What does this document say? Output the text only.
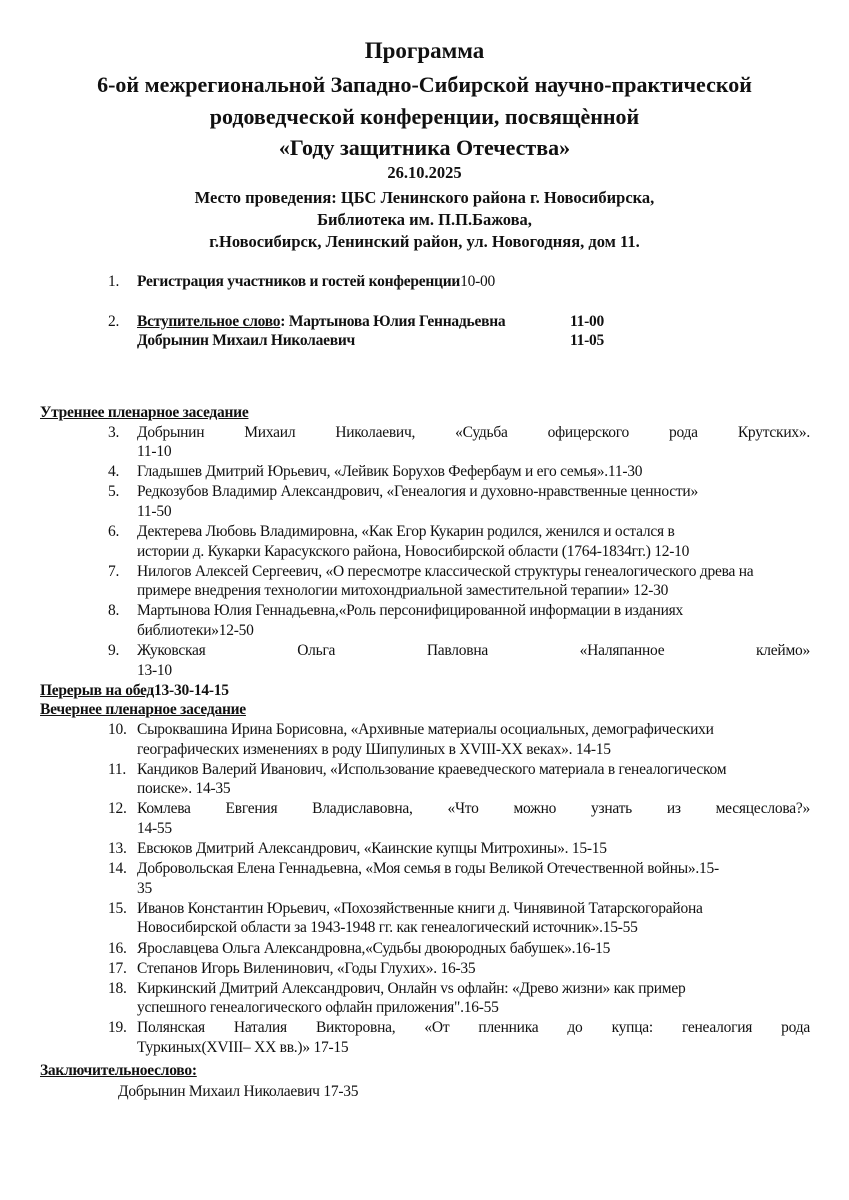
Программа
6-ой межрегиональной Западно-Сибирской научно-практической
родоведческой конференции, посвящѐнной
«Году защитника Отечества»
26.10.2025
Место проведения: ЦБС Ленинского района г. Новосибирска,
Библиотека им. П.П.Бажова,
г.Новосибирск, Ленинский район, ул. Новогодняя, дом 11.
1.	Регистрация участников и гостей конференции10-00
2.	Вступительное слово: Мартынова Юлия Геннадьевна	11-00
Добрынин Михаил Николаевич	11-05
Утреннее пленарное заседание
3.	Добрынин Михаил Николаевич, «Судьба офицерского рода Крутских».
11-10
4.	Гладышев Дмитрий Юрьевич, «Лейвик Борухов Фефербаум и его семья».11-30
5.	Редкозубов Владимир Александрович, «Генеалогия и духовно-нравственные ценности»
11-50
6.	Дектерева Любовь Владимировна, «Как Егор Кукарин родился, женился и остался в
истории д. Кукарки Карасукского района, Новосибирской области (1764-1834гг.) 12-10
7.	Нилогов Алексей Сергеевич, «О пересмотре классической структуры генеалогического древа на
примере внедрения технологии митохондриальной заместительной терапии» 12-30
8.	Мартынова Юлия Геннадьевна,«Роль персонифицированной информации в изданиях
библиотеки»12-50
9.	Жуковская Ольга Павловна «Наляпанное клеймо»
13-10
Перерыв на обед13-30-14-15
Вечернее пленарное заседание
10. Сыроквашина Ирина Борисовна, «Архивные материалы осоциальных, демографическихи
географических изменениях в роду Шипулиных в XVIII-XX веках». 14-15
11. Кандиков Валерий Иванович, «Использование краеведческого материала в генеалогическом
поиске». 14-35
12. Комлева Евгения Владиславовна, «Что можно узнать из месяцеслова?»
14-55
13. Евсюков Дмитрий Александрович, «Каинские купцы Митрохины». 15-15
14. Добровольская Елена Геннадьевна, «Моя семья в годы Великой Отечественной войны».15-
35
15. Иванов Константин Юрьевич, «Похозяйственные книги д. Чинявиной Татарскогорайона
Новосибирской области за 1943-1948 гг. как генеалогический источник».15-55
16. Ярославцева Ольга Александровна,«Судьбы двоюродных бабушек».16-15
17. Степанов Игорь Виленинович, «Годы Глухих». 16-35
18. Киркинский Дмитрий Александрович, Онлайн vs офлайн: «Древо жизни» как пример
успешного генеалогического офлайн приложения".16-55
19. Полянская Наталия Викторовна, «От пленника до купца: генеалогия рода
Туркиных(XVIII– XX вв.)» 17-15
Заключительноеслово:
Добрынин Михаил Николаевич 17-35
